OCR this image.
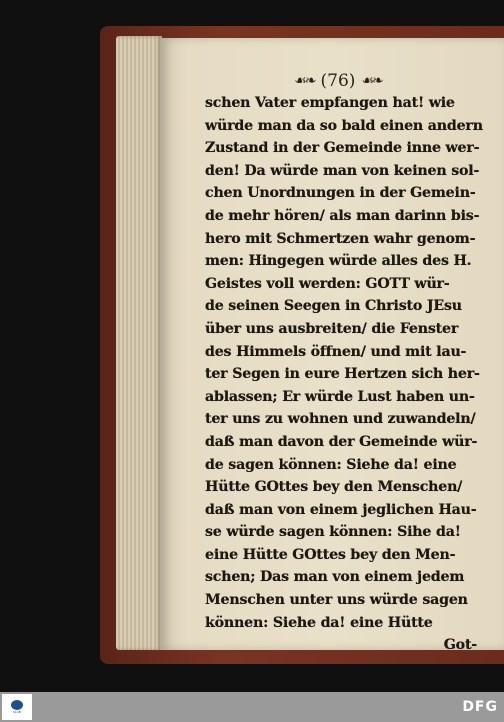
☙❧ (76) ☙❧
schen Vater empfangen hat! wie
würde man da so bald einen andern
Zustand in der Gemeinde inne wer-
den! Da würde man von keinen sol-
chen Unordnungen in der Gemein-
de mehr hören/ als man darinn bis-
hero mit Schmertzen wahr genom-
men: Hingegen würde alles des H.
Geistes voll werden: GOTT wür-
de seinen Seegen in Christo JEsu
über uns ausbreiten/ die Fenster
des Himmels öffnen/ und mit lau-
ter Segen in eure Hertzen sich her-
ablassen; Er würde Lust haben un-
ter uns zu wohnen und zuwandeln/
daß man davon der Gemeinde wür-
de sagen können: Siehe da! eine
Hütte GOttes bey den Menschen/
daß man von einem jeglichen Hau-
se würde sagen können: Sihe da!
eine Hütte GOttes bey den Men-
schen; Das man von einem jedem
Menschen unter uns würde sagen
können: Siehe da! eine Hütte
Got-
SLUB	DFG
